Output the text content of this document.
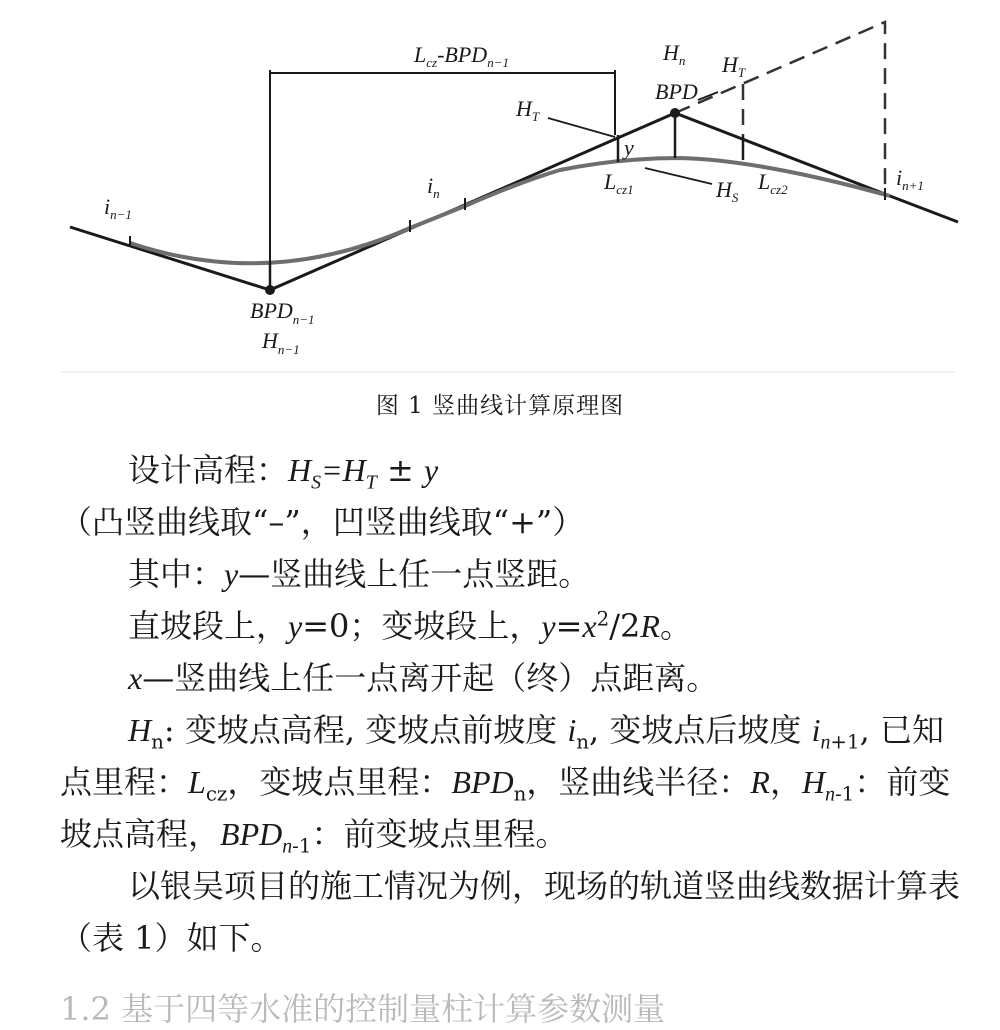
$i_{n-1}$
$i_n$
$i_{n+1}$
$BPD_{n-1}$
$H_{n-1}$
$L_{cz}-BPD_{n-1}$	$H_n$
BPD
$H_T$
$H_T$
y
$L_{cz1}$	$H_S$
$L_{cz2}$
图 1 竖曲线计算原理图

设计高程：$H_S=H_T \pm y$（凸竖曲线取“–”，凹竖曲线取“+”）

其中：y—竖曲线上任一点竖距。

直坡段上，y=0；变坡段上，$y=x^2/2R$。

x—竖曲线上任一点离开起（终）点距离。

$H_n$: 变坡点高程, 变坡点前坡度 $i_n$, 变坡点后坡度 $i_{n+1}$, 已知点里程：$L_{cz}$，变坡点里程：$BPD_n$，竖曲线半径：R，$H_{n-1}$：前变坡点高程，$BPD_{n-1}$：前变坡点里程。

以银吴项目的施工情况为例，现场的轨道竖曲线数据计算表（表 1）如下。

1.2 基于四等水准的控制量柱计算参数测量
